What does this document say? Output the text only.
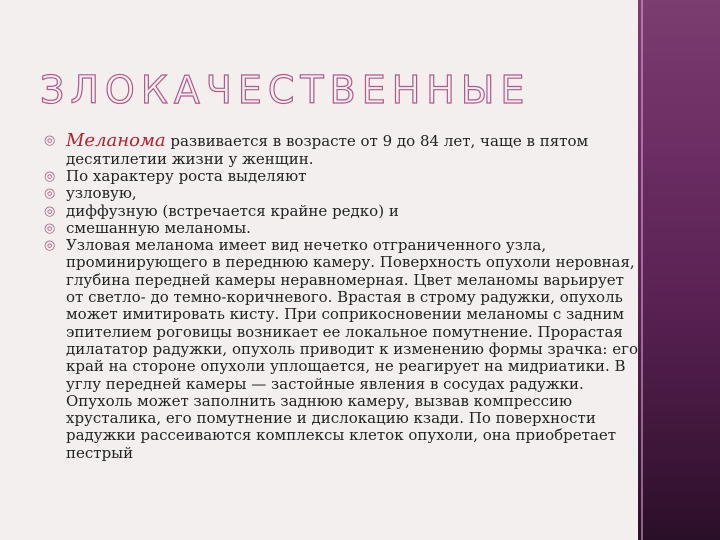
ЗЛОКАЧЕСТВЕННЫЕ
◎ Меланома развивается в возрасте от 9 до 84 лет, чаще в пятом десятилетии жизни у женщин.
◎ По характеру роста выделяют
◎ узловую,
◎ диффузную (встречается крайне редко) и
◎ смешанную меланомы.
◎ Узловая меланома имеет вид нечетко отграниченного узла, проминирующего в переднюю камеру. Поверхность опухоли неровная, глубина передней камеры неравномерная. Цвет меланомы варьирует от светло- до темно-коричневого. Врастая в строму радужки, опухоль может имитировать кисту. При соприкосновении меланомы с задним эпителием роговицы возникает ее локальное помутнение. Прорастая дилататор радужки, опухоль приводит к изменению формы зрачка: его край на стороне опухоли уплощается, не реагирует на мидриатики. В углу передней камеры — застойные явления в сосудах радужки. Опухоль может заполнить заднюю камеру, вызвав компрессию хрусталика, его помутнение и дислокацию кзади. По поверхности радужки рассеиваются комплексы клеток опухоли, она приобретает пестрый
